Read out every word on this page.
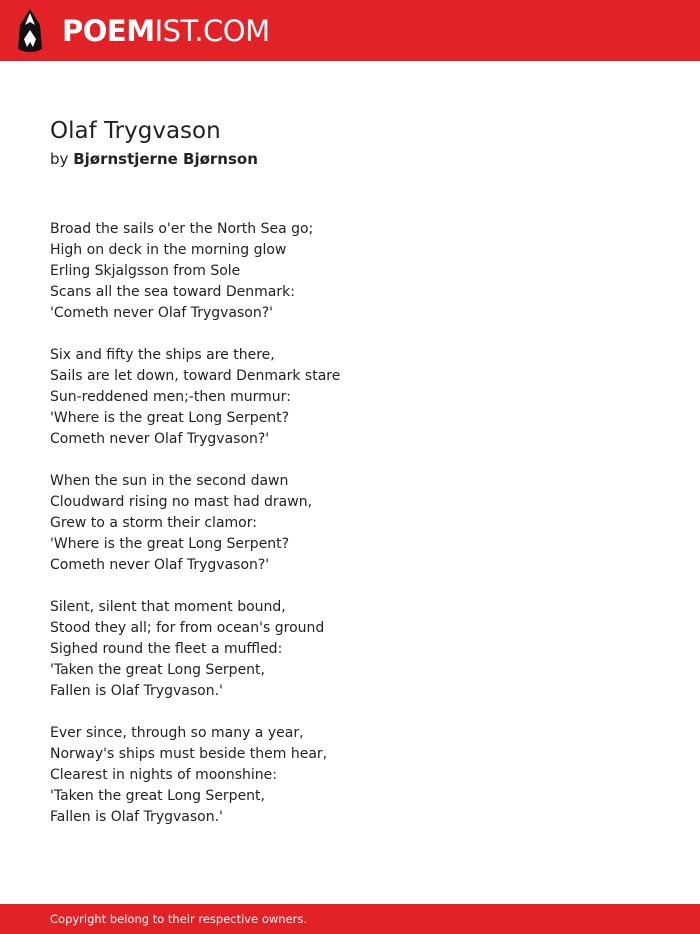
POEM IST.COM
Olaf Trygvason
by Bjørnstjerne Bjørnson
Broad the sails o'er the North Sea go;
High on deck in the morning glow
Erling Skjalgsson from Sole
Scans all the sea toward Denmark:
'Cometh never Olaf Trygvason?'
Six and fifty the ships are there,
Sails are let down, toward Denmark stare
Sun-reddened men;-then murmur:
'Where is the great Long Serpent?
Cometh never Olaf Trygvason?'
When the sun in the second dawn
Cloudward rising no mast had drawn,
Grew to a storm their clamor:
'Where is the great Long Serpent?
Cometh never Olaf Trygvason?'
Silent, silent that moment bound,
Stood they all; for from ocean's ground
Sighed round the fleet a muffled:
'Taken the great Long Serpent,
Fallen is Olaf Trygvason.'
Ever since, through so many a year,
Norway's ships must beside them hear,
Clearest in nights of moonshine:
'Taken the great Long Serpent,
Fallen is Olaf Trygvason.'
Copyright belong to their respective owners.
